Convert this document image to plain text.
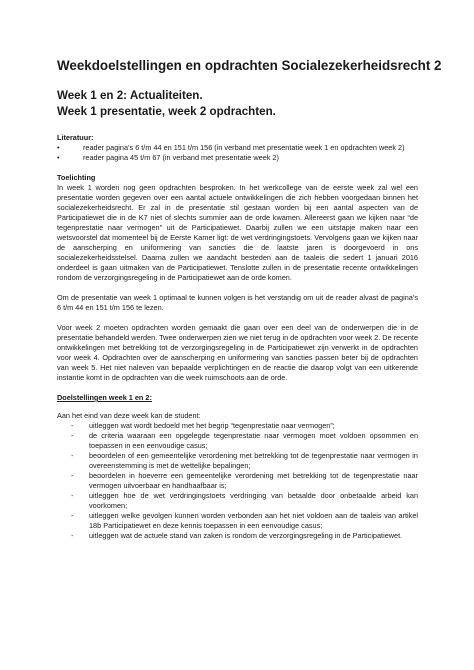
Weekdoelstellingen en opdrachten Socialezekerheidsrecht 2
Week 1 en 2: Actualiteiten.
Week 1 presentatie, week 2 opdrachten.
Literatuur:
•	reader pagina’s 6 t/m 44 en 151 t/m 156 (in verband met presentatie week 1 en opdrachten week 2)
•	reader pagina 45 t/m 67 (in verband met presentatie week 2)
Toelichting

In week 1 worden nog geen opdrachten besproken. In het werkcollege van de eerste week zal wel een presentatie worden gegeven over een aantal actuele ontwikkelingen die zich hebben voorgedaan binnen het socialezekerheidsrecht. Er zal in de presentatie stil gestaan worden bij een aantal aspecten van de Participatiewet die in de K7 niet of slechts summier aan de orde kwamen. Allereerst gaan we kijken naar “de tegenprestatie naar vermogen” uit de Participatiewet. Daarbij zullen we een uitstapje maken naar een wetsvoorstel dat momenteel bij de Eerste Kamer ligt: de wet verdringingstoets. Vervolgens gaan we kijken naar de aanscherping en uniformering van sancties die de laatste jaren is doorgevoerd in ons socialezekerheidsstelsel. Daarna zullen we aandacht besteden aan de taaleis die sedert 1 januari 2016 onderdeel is gaan uitmaken van de Participatiewet. Tenslotte zullen in de presentatie recente ontwikkelingen rondom de verzorgingsregeling in de Participatiewet aan de orde komen.

Om de presentatie van week 1 optimaal te kunnen volgen is het verstandig om uit de reader alvast de pagina’s 6 t/m 44 en 151 t/m 156 te lezen.

Voor week 2 moeten opdrachten worden gemaakt die gaan over een deel van de onderwerpen die in de presentatie behandeld werden. Twee onderwerpen zien we niet terug in de opdrachten voor week 2. De recente ontwikkelingen met betrekking tot de verzorgingsregeling in de Participatiewet zijn verwerkt in de opdrachten voor week 4. Opdrachten over de aanscherping en uniformering van sancties passen beter bij de opdrachten van week 5. Het niet naleven van bepaalde verplichtingen en de reactie die daarop volgt van een uitkerende instantie komt in de opdrachten van die week ruimschoots aan de orde.

Doelstellingen week 1 en 2:

Aan het eind van deze week kan de student:

- uitleggen wat wordt bedoeld met het begrip “tegenprestatie naar vermogen”;
- de criteria waaraan een opgelegde tegenprestatie naar vermogen moet voldoen opsommen en toepassen in een eenvoudige casus;
- beoordelen of een gemeentelijke verordening met betrekking tot de tegenprestatie naar vermogen in overeenstemming is met de wettelijke bepalingen;
- beoordelen in hoeverre een gemeentelijke verordening met betrekking tot de tegenprestatie naar vermogen uitvoerbaar en handhaafbaar is;
- uitleggen hoe de wet verdringingstoets verdringing van betaalde door onbetaalde arbeid kan voorkomen;
- uitleggen welke gevolgen kunnen worden verbonden aan het niet voldoen aan de taaleis van artikel 18b Participatiewet en deze kennis toepassen in een eenvoudige casus;
- uitleggen wat de actuele stand van zaken is rondom de verzorgingsregeling in de Participatiewet.
